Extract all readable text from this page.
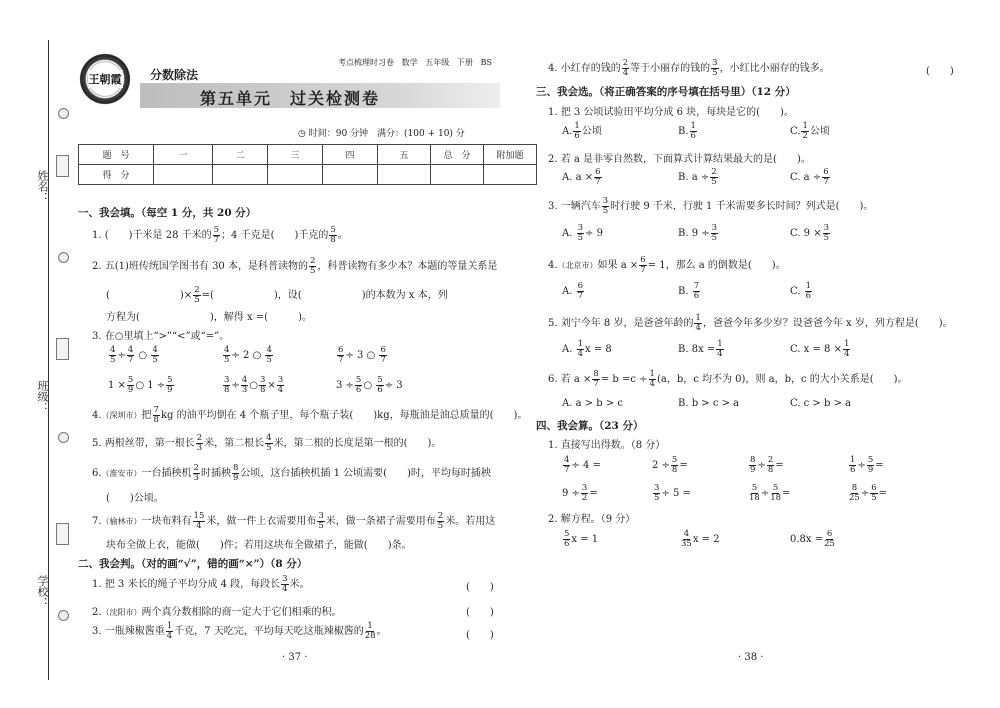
姓名：
班级：
学校：
考点梳理时习卷 数学 五年级 下册 BS
王朝霞 分数除法
第五单元　过关检测卷
◷ 时间：90 分钟　满分：(100 + 10) 分
题　号	一	二	三	四	五	总　分	附加题
得　分							
一、我会填。（每空 1 分，共 20 分）
1. (　　)千米是 28 千米的 $\frac{5}{7}$ ；4 千克是(　　)千克的 $\frac{5}{8}$ 。
2. 五(1)班传统国学图书有 30 本，是科普读物的 $\frac{2}{5}$ ，科普读物有多少本？本题的等量关系是
(　　　　　　　)× $\frac{2}{5}$ =(　　　　　　)，设(　　　　　　)的本数为 x 本，列
方程为(　　　　　　　)，解得 x =(　　　)。
3. 在○里填上“>”“<”或“=”。
$\frac{4}{5} \div \frac{4}{7}$ ○ $\frac{4}{5}$	$\frac{4}{5} \div 2$ ○ $\frac{4}{5}$	$\frac{6}{7} \div 3$ ○ $\frac{6}{7}$
$1 \times \frac{5}{9}$ ○ $1 \div \frac{5}{9}$	$\frac{3}{8} \div \frac{4}{3}$ ○ $\frac{3}{8} \times \frac{3}{4}$	$3 \div \frac{5}{6}$ ○ $\frac{5}{6} \div 3$
4.（深圳市）把 $\frac{7}{8}$ kg 的油平均倒在 4 个瓶子里，每个瓶子装(　　)kg，每瓶油是油总质量的(　　)。
5. 两根丝带，第一根长 $\frac{2}{3}$ 米，第二根长 $\frac{4}{5}$ 米，第二根的长度是第一根的(　　)。
6.（淮安市）一台插秧机 $\frac{2}{3}$ 时插秧 $\frac{8}{9}$ 公顷，这台插秧机插 1 公顷需要(　　)时，平均每时插秧
(　　)公顷。
7.（榆林市）一块布料有 $\frac{15}{4}$ 米，做一件上衣需要用布 $\frac{3}{5}$ 米，做一条裙子需要用布 $\frac{2}{5}$ 米。若用这
块布全做上衣，能做(　　)件；若用这块布全做裙子，能做(　　)条。
二、我会判。（对的画“√”，错的画“×”）（8 分）
1. 把 3 米长的绳子平均分成 4 段，每段长 $\frac{3}{4}$ 米。	(　　)
2.（沈阳市）两个真分数相除的商一定大于它们相乘的积。	(　　)
3. 一瓶辣椒酱重 $\frac{1}{4}$ 千克，7 天吃完，平均每天吃这瓶辣椒酱的 $\frac{1}{28}$ 。	(　　)
· 37 ·
4. 小红存的钱的 $\frac{2}{4}$ 等于小丽存的钱的 $\frac{3}{5}$ ，小红比小丽存的钱多。	(　　)
三、我会选。（将正确答案的序号填在括号里）（12 分）
1. 把 3 公顷试验田平均分成 6 块，每块是它的(　　)。
A. $\frac{1}{6}$ 公顷	B. $\frac{1}{6}$	C. $\frac{1}{2}$ 公顷
2. 若 a 是非零自然数，下面算式计算结果最大的是(　　)。
A. $a \times \frac{6}{7}$	B. $a \div \frac{2}{5}$	C. $a \div \frac{6}{7}$
3. 一辆汽车 $\frac{3}{5}$ 时行驶 9 千米，行驶 1 千米需要多长时间？列式是(　　)。
A. $\frac{3}{5} \div 9$	B. $9 \div \frac{3}{5}$	C. $9 \times \frac{3}{5}$
4.（北京市）如果 $a \times \frac{6}{7} = 1$，那么 a 的倒数是(　　)。
A. $\frac{6}{7}$	B. $\frac{7}{6}$	C. $\frac{1}{6}$
5. 刘宁今年 8 岁，是爸爸年龄的 $\frac{1}{4}$ ，爸爸今年多少岁？设爸爸今年 x 岁，列方程是(　　)。
A. $\frac{1}{4}$ x = 8	B. $8x = \frac{1}{4}$	C. $x = 8 \times \frac{1}{4}$
6. 若 $a \times \frac{8}{7} = b =c \div \frac{1}{4} (a$，b，c 均不为 0)，则 a，b，c 的大小关系是(　　)。
A. a > b > c	B. b > c > a	C. c > b > a
四、我会算。（23 分）
1. 直接写出得数。（8 分）
$\frac{4}{7} \div 4$ =	$2 \div \frac{5}{8}$ =	$\frac{8}{9} \div \frac{2}{8}$ =	$\frac{1}{6} \div \frac{5}{9}$ =
$9 \div \frac{3}{2}$ =	$\frac{3}{5} \div 5$ =	$\frac{5}{18} \div \frac{5}{18}$ =	$\frac{8}{25} \div \frac{6}{5}$ =
2. 解方程。（9 分）
$\frac{5}{6}$ x = 1	$\frac{4}{35}$ x = 2	$0.8x = \frac{6}{25}$
· 38 ·
